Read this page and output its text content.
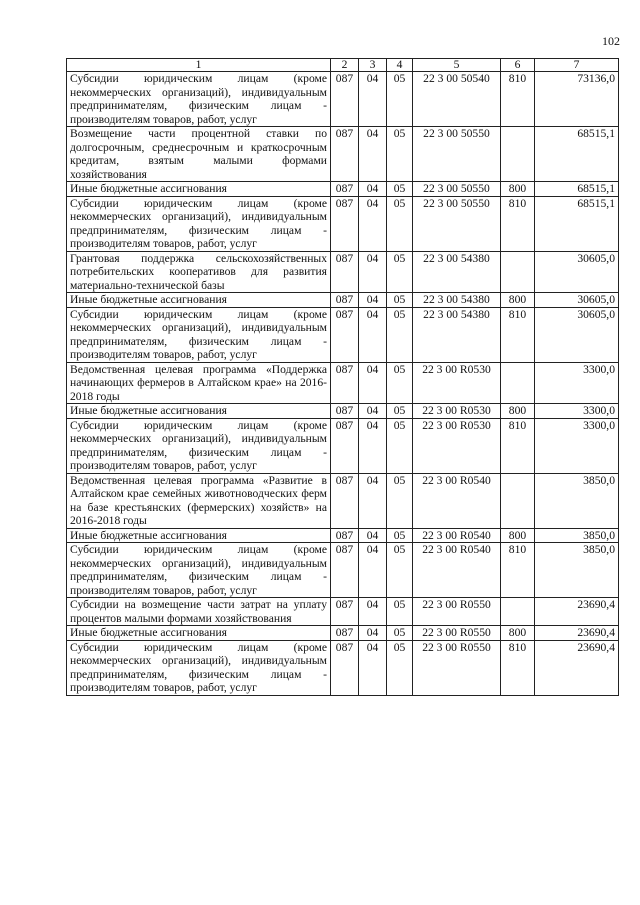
102
1	2	3	4	5	6	7
Субсидии юридическим лицам (кроме некоммерческих организаций), индивидуальным предпринимателям, физическим лицам - производителям товаров, работ, услуг	087	04	05	22 3 00 50540	810	73136,0
Возмещение части процентной ставки по долгосрочным, среднесрочным и краткосрочным кредитам, взятым малыми формами хозяйствования	087	04	05	22 3 00 50550		68515,1
Иные бюджетные ассигнования	087	04	05	22 3 00 50550	800	68515,1
Субсидии юридическим лицам (кроме некоммерческих организаций), индивидуальным предпринимателям, физическим лицам - производителям товаров, работ, услуг	087	04	05	22 3 00 50550	810	68515,1
Грантовая поддержка сельскохозяйственных потребительских кооперативов для развития материально-технической базы	087	04	05	22 3 00 54380		30605,0
Иные бюджетные ассигнования	087	04	05	22 3 00 54380	800	30605,0
Субсидии юридическим лицам (кроме некоммерческих организаций), индивидуальным предпринимателям, физическим лицам - производителям товаров, работ, услуг	087	04	05	22 3 00 54380	810	30605,0
Ведомственная целевая программа «Поддержка начинающих фермеров в Алтайском крае» на 2016-2018 годы	087	04	05	22 3 00 R0530		3300,0
Иные бюджетные ассигнования	087	04	05	22 3 00 R0530	800	3300,0
Субсидии юридическим лицам (кроме некоммерческих организаций), индивидуальным предпринимателям, физическим лицам - производителям товаров, работ, услуг	087	04	05	22 3 00 R0530	810	3300,0
Ведомственная целевая программа «Развитие в Алтайском крае семейных животноводческих ферм на базе крестьянских (фермерских) хозяйств» на 2016-2018 годы	087	04	05	22 3 00 R0540		3850,0
Иные бюджетные ассигнования	087	04	05	22 3 00 R0540	800	3850,0
Субсидии юридическим лицам (кроме некоммерческих организаций), индивидуальным предпринимателям, физическим лицам - производителям товаров, работ, услуг	087	04	05	22 3 00 R0540	810	3850,0
Субсидии на возмещение части затрат на уплату процентов малыми формами хозяйствования	087	04	05	22 3 00 R0550		23690,4
Иные бюджетные ассигнования	087	04	05	22 3 00 R0550	800	23690,4
Субсидии юридическим лицам (кроме некоммерческих организаций), индивидуальным предпринимателям, физическим лицам - производителям товаров, работ, услуг	087	04	05	22 3 00 R0550	810	23690,4
